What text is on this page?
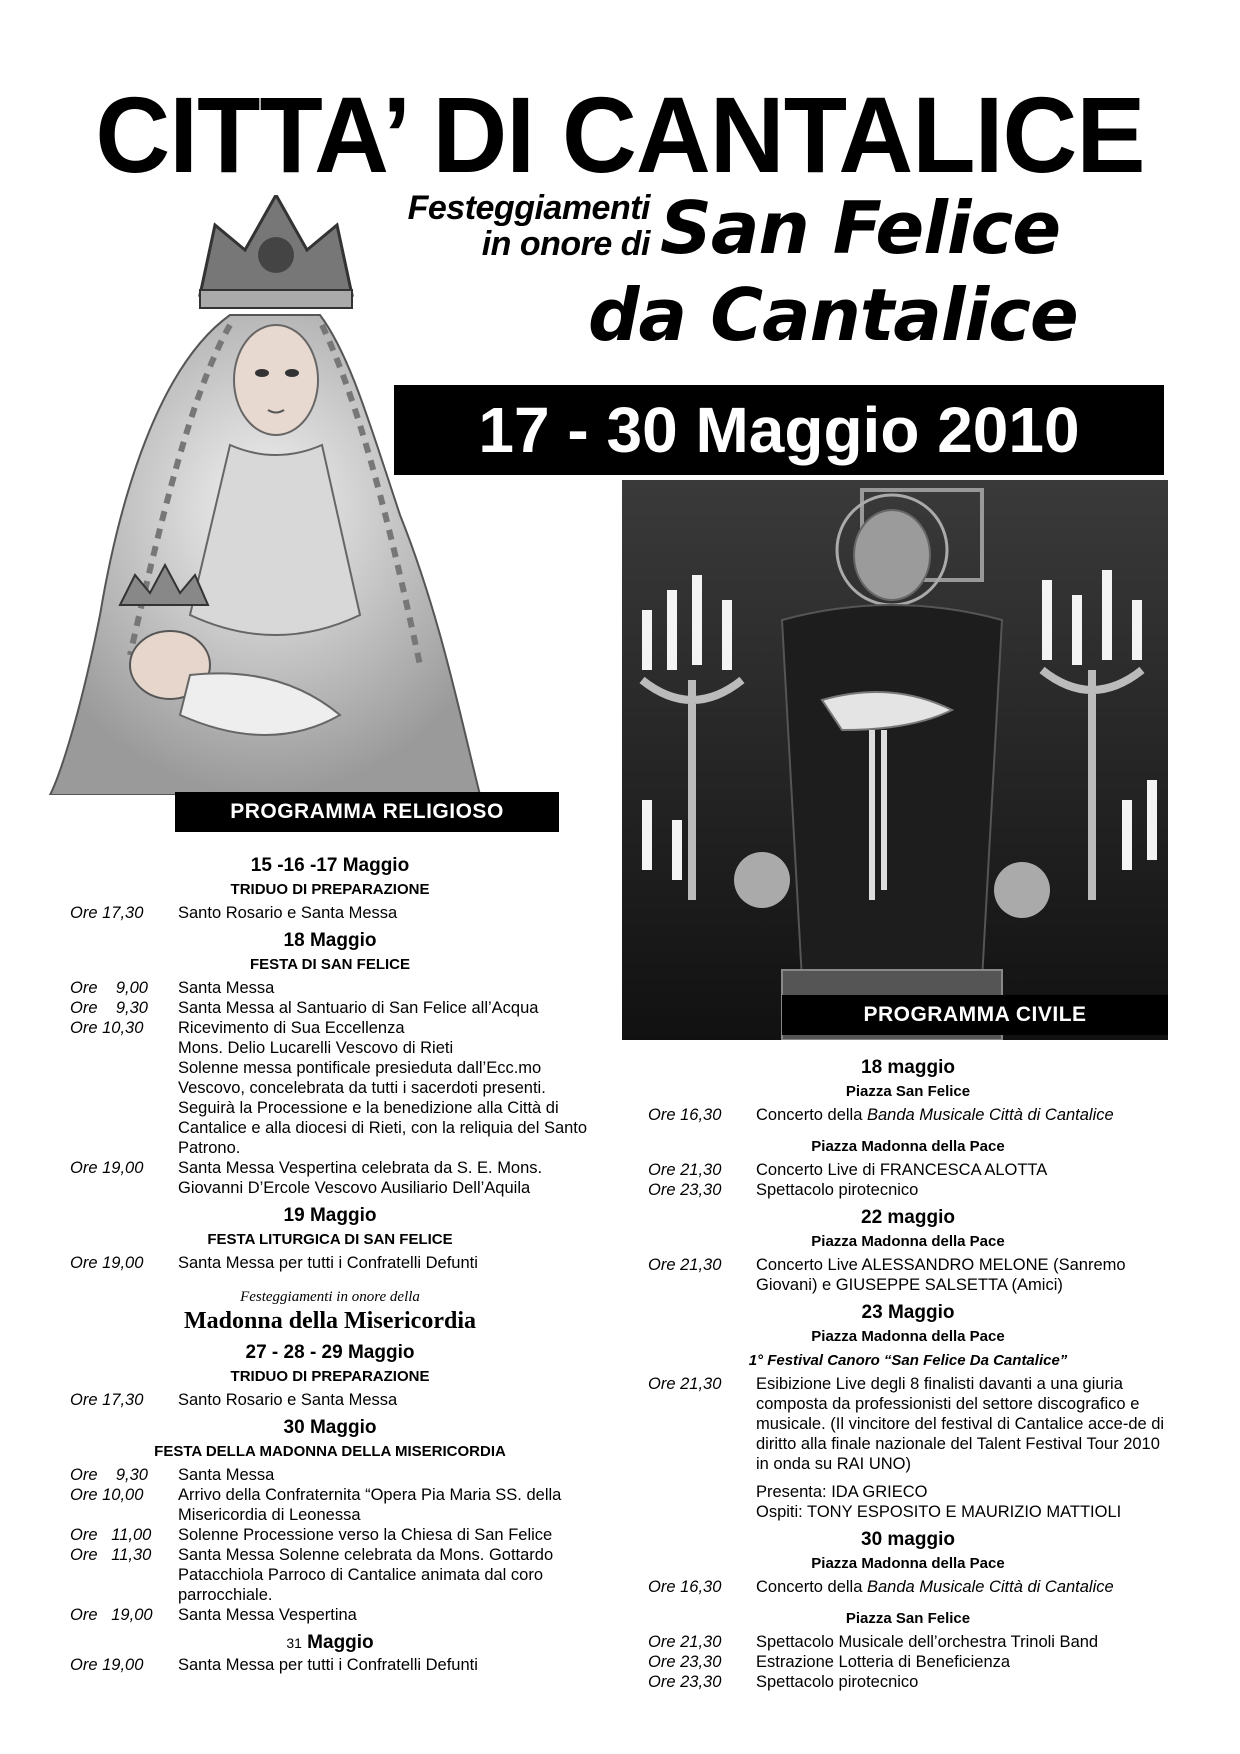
CITTA’ DI CANTALICE
Festeggiamenti
in onore di San Felice
da Cantalice
17 - 30 Maggio 2010
PROGRAMMA RELIGIOSO
15 -16 -17 Maggio
TRIDUO DI PREPARAZIONE
Ore 17,30	Santo Rosario e Santa Messa
18 Maggio
FESTA DI SAN FELICE
Ore    9,00	Santa Messa
Ore    9,30	Santa Messa al Santuario di San Felice all’Acqua
Ore 10,30	Ricevimento di Sua Eccellenza
Mons. Delio Lucarelli Vescovo di Rieti
Solenne messa pontificale presieduta dall’Ecc.mo Vescovo, concelebrata da tutti i sacerdoti presenti. Seguirà la Processione e la benedizione alla Città di Cantalice e alla diocesi di Rieti, con la reliquia del Santo Patrono.
Ore 19,00	Santa Messa Vespertina celebrata da S. E. Mons. Giovanni D’Ercole Vescovo Ausiliario Dell’Aquila
19 Maggio
FESTA LITURGICA DI SAN FELICE
Ore 19,00	Santa Messa per tutti i Confratelli Defunti
Festeggiamenti in onore della
Madonna della Misericordia
27 - 28 - 29 Maggio
TRIDUO DI PREPARAZIONE
Ore 17,30	Santo Rosario e Santa Messa
30 Maggio
FESTA DELLA MADONNA DELLA MISERICORDIA
Ore    9,30	Santa Messa
Ore 10,00	Arrivo della Confraternita “Opera Pia Maria SS. della Misericordia di Leonessa
Ore   11,00	Solenne Processione verso la Chiesa di San Felice
Ore   11,30	Santa Messa Solenne celebrata da Mons. Gottardo Patacchiola Parroco di Cantalice animata dal coro parrocchiale.
Ore   19,00	Santa Messa Vespertina
31 Maggio
Ore 19,00	Santa Messa per tutti i Confratelli Defunti
PROGRAMMA CIVILE
18 maggio
Piazza San Felice
Ore 16,30	Concerto della Banda Musicale Città di Cantalice
Piazza Madonna della Pace
Ore 21,30	Concerto Live di FRANCESCA ALOTTA
Ore 23,30	Spettacolo pirotecnico
22 maggio
Piazza Madonna della Pace
Ore 21,30	Concerto Live ALESSANDRO MELONE (Sanremo Giovani) e GIUSEPPE SALSETTA (Amici)
23 Maggio
Piazza Madonna della Pace
1° Festival Canoro “San Felice Da Cantalice”
Ore 21,30	Esibizione Live degli 8 finalisti davanti a una giuria composta da professionisti del settore discografico e musicale. (Il vincitore del festival di Cantalice acce-de di diritto alla finale nazionale del Talent Festival Tour 2010 in onda su RAI UNO)
Presenta: IDA GRIECO
Ospiti: TONY ESPOSITO E MAURIZIO MATTIOLI
30 maggio
Piazza Madonna della Pace
Ore 16,30	Concerto della Banda Musicale Città di Cantalice
Piazza San Felice
Ore 21,30	Spettacolo Musicale dell’orchestra Trinoli Band
Ore 23,30	Estrazione Lotteria di Beneficienza
Ore 23,30	Spettacolo pirotecnico
